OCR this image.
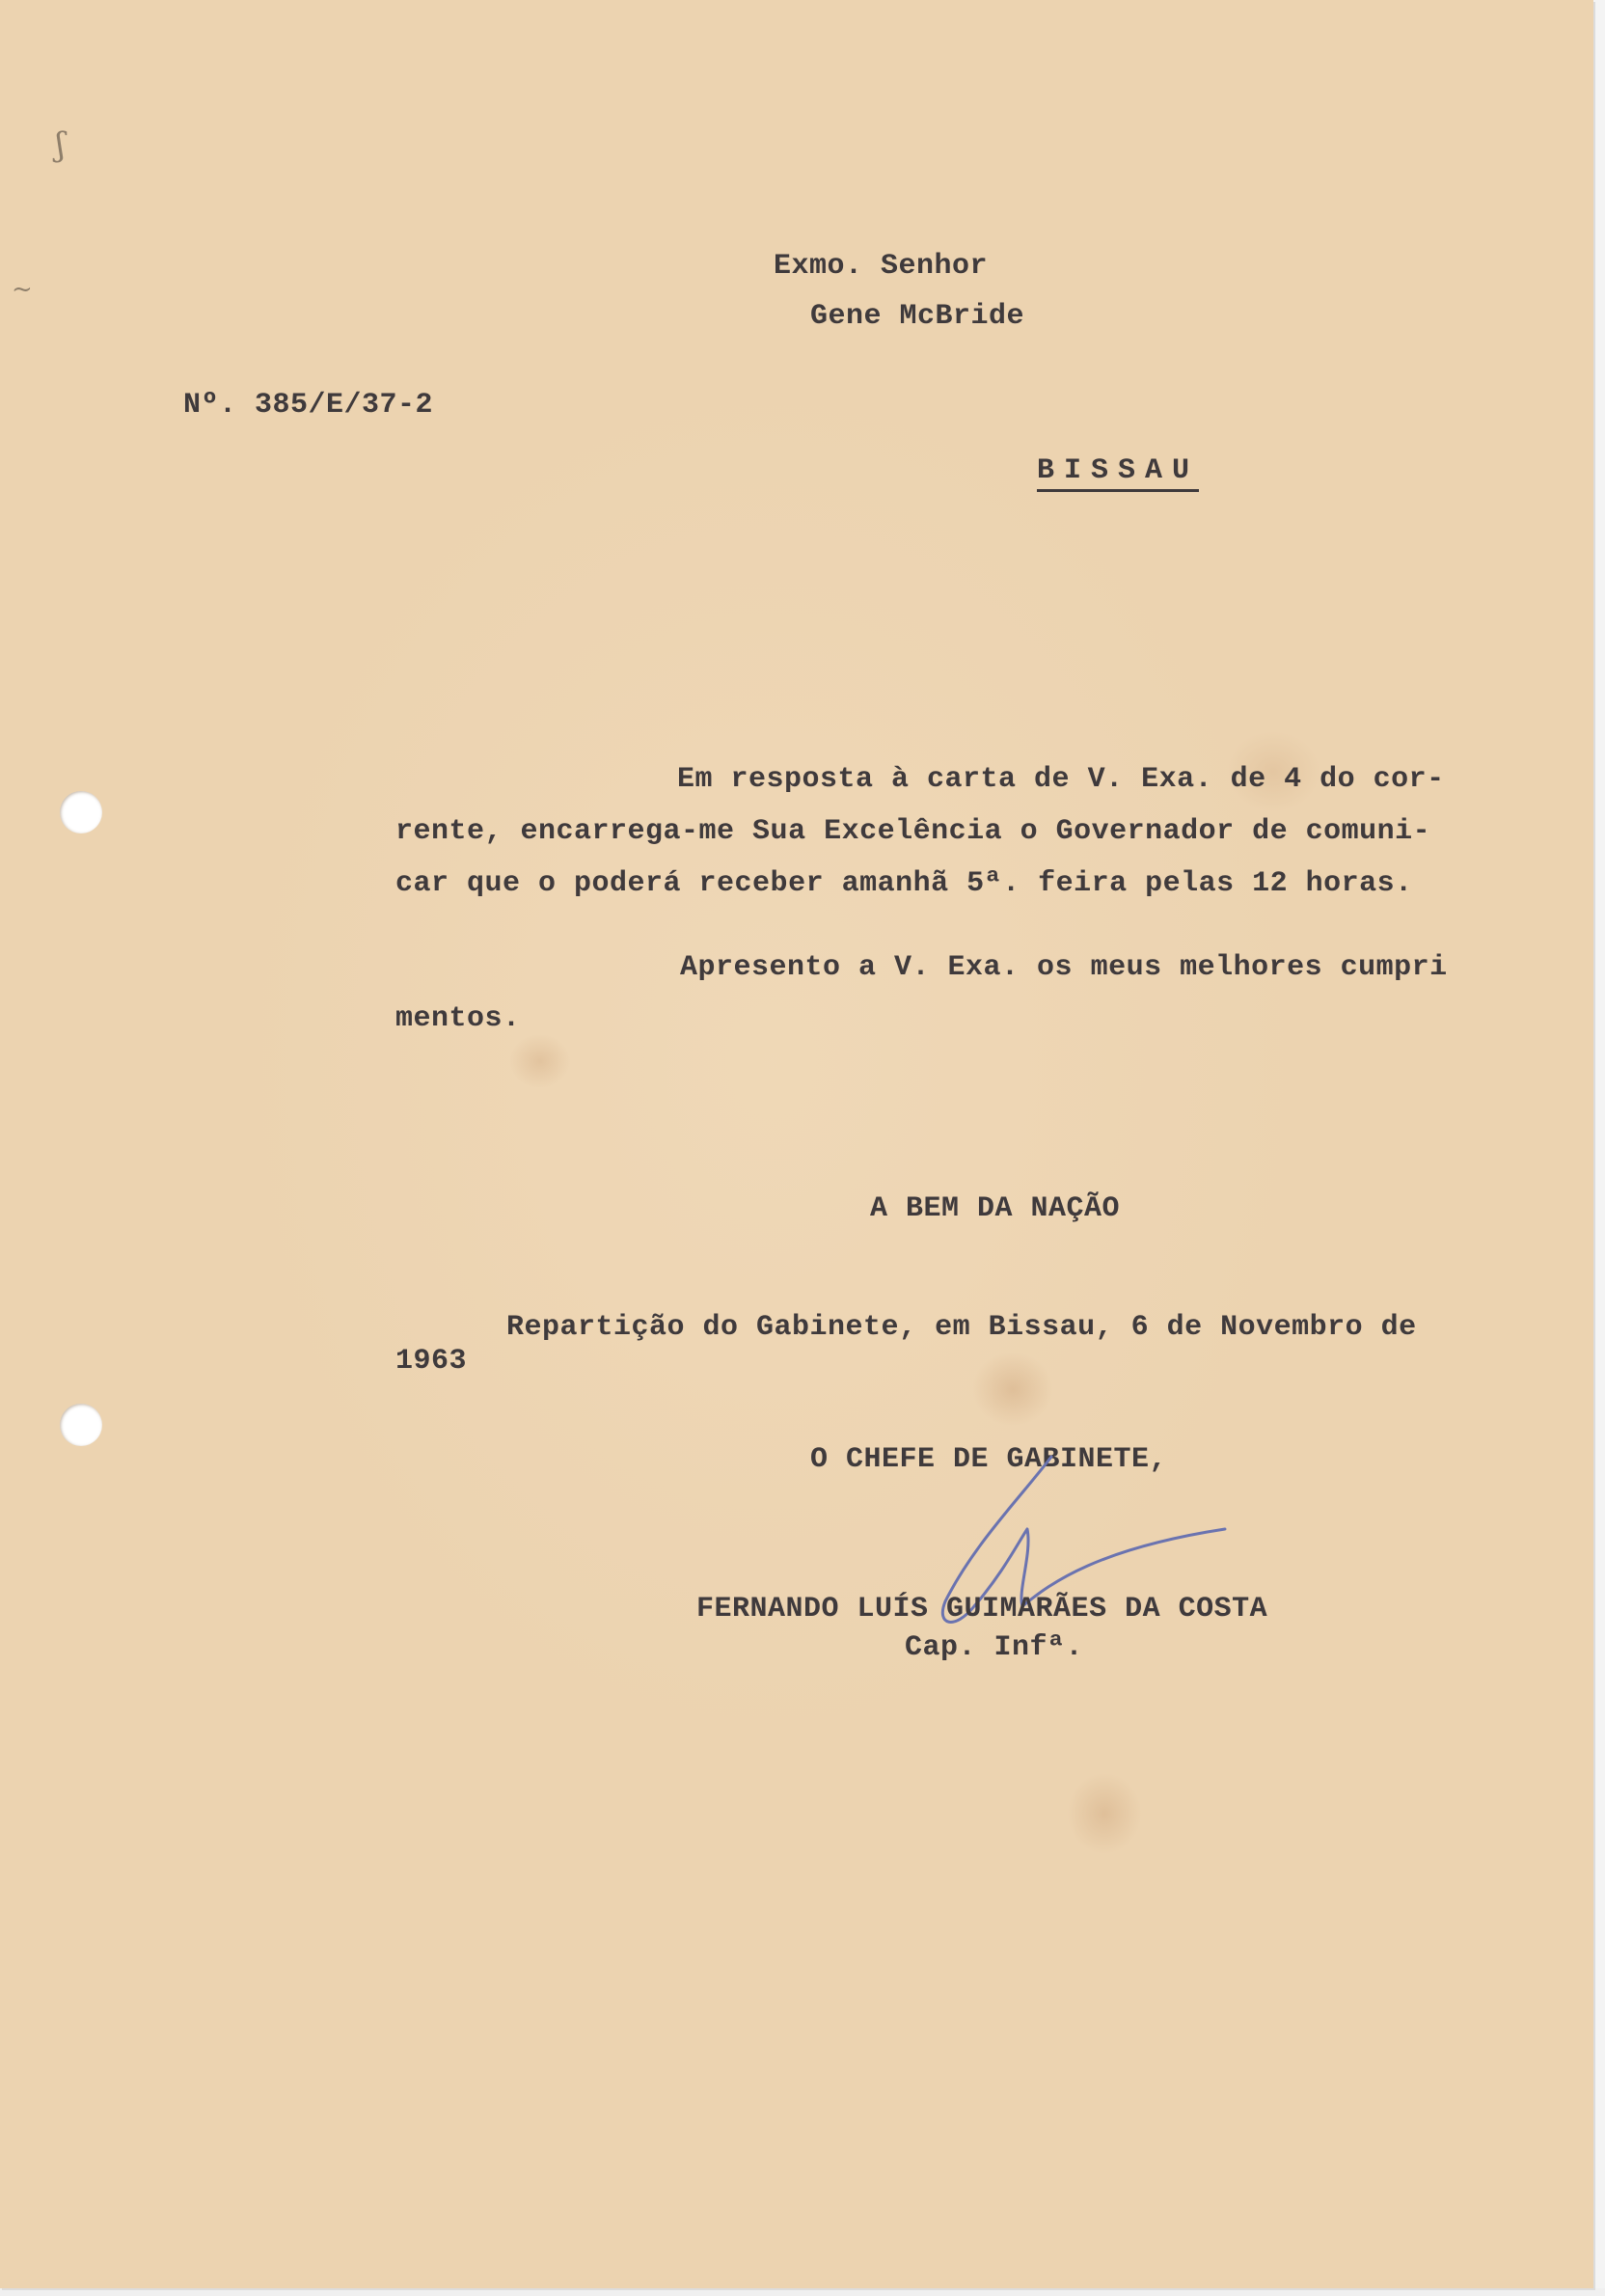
ʃ
~

Exmo. Senhor

Gene McBride

Nº. 385/E/37-2

BISSAU

Em resposta à carta de V. Exa. de 4 do cor-

rente, encarrega-me Sua Excelência o Governador de comuni-

car que o poderá receber amanhã 5ª. feira pelas 12 horas.

Apresento a V. Exa. os meus melhores cumpri

mentos.

A BEM DA NAÇÃO

Repartição do Gabinete, em Bissau, 6 de Novembro de

1963

O CHEFE DE GABINETE,

FERNANDO LUÍS GUIMARÃES DA COSTA

Cap. Infª.
